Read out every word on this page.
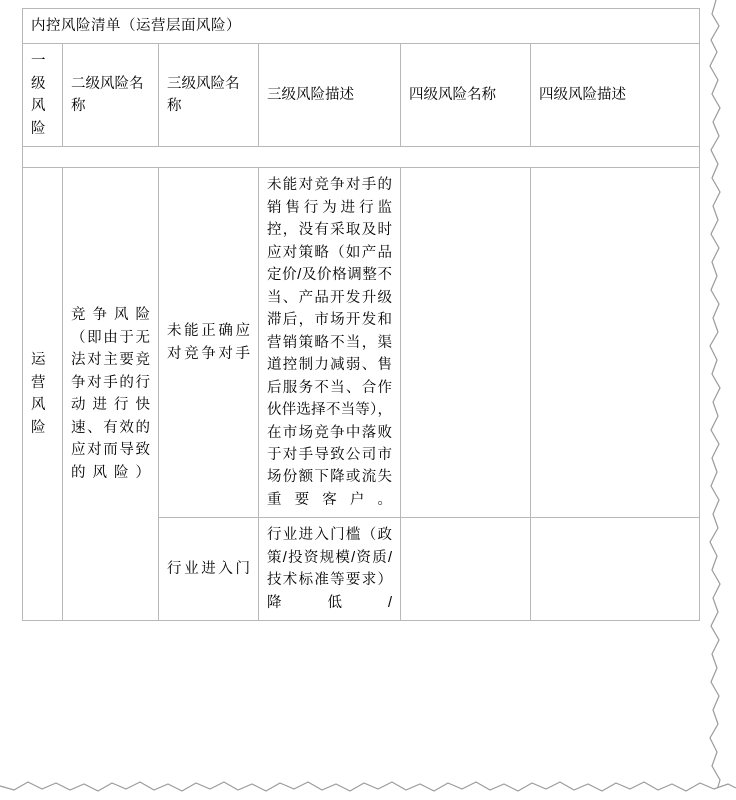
内控风险清单（运营层面风险）					
一级风险	二级风险名称	三级风险名称	三级风险描述	四级风险名称	四级风险描述

运营风险	竞争风险（即由于无法对主要竞争对手的行动进行快速、有效的应对而导致的风险）	未能正确应对竞争对手	未能对竞争对手的销售行为进行监控，没有采取及时应对策略（如产品定价/及价格调整不当、产品开发升级滞后，市场开发和营销策略不当，渠道控制力减弱、售后服务不当、合作伙伴选择不当等），在市场竞争中落败于对手导致公司市场份额下降或流失重要客户。		
		行业进入门	行业进入门槛（政策/投资规模/资质/技术标准等要求）降低/		
